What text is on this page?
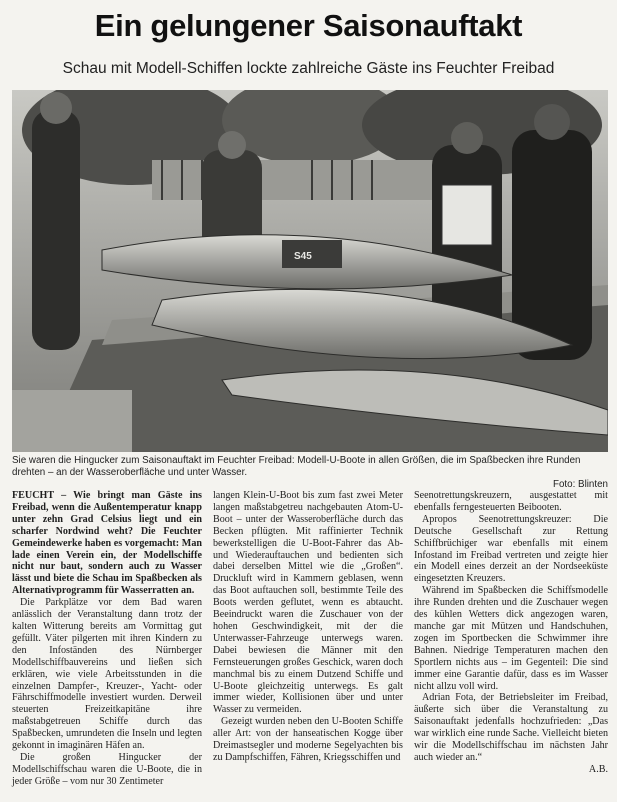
Ein gelungener Saisonauftakt
Schau mit Modell-Schiffen lockte zahlreiche Gäste ins Feuchter Freibad
S45
Sie waren die Hingucker zum Saisonauftakt im Feuchter Freibad: Modell-U-Boote in allen Größen, die im Spaßbecken ihre Runden drehten – an der Wasseroberfläche und unter Wasser.
Foto: Blinten

FEUCHT – Wie bringt man Gäste ins Freibad, wenn die Außentemperatur knapp unter zehn Grad Celsius liegt und ein scharfer Nordwind weht? Die Feuchter Gemeindewerke haben es vorgemacht: Man lade einen Verein ein, der Modellschiffe nicht nur baut, sondern auch zu Wasser lässt und biete die Schau im Spaßbecken als Alternativprogramm für Wasserratten an.

Die Parkplätze vor dem Bad waren anlässlich der Veranstaltung dann trotz der kalten Witterung bereits am Vormittag gut gefüllt. Väter pilgerten mit ihren Kindern zu den Infoständen des Nürnberger Modellschiffbauvereins und ließen sich erklären, wie viele Arbeitsstunden in die einzelnen Dampfer-, Kreuzer-, Yacht- oder Fährschiffmodelle investiert wurden. Derweil steuerten Freizeitkapitäne ihre maßstabgetreuen Schiffe durch das Spaßbecken, umrundeten die Inseln und legten gekonnt in imaginären Häfen an.

Die großen Hingucker der Modellschiffschau waren die U-Boote, die in jeder Größe – vom nur 30 Zentimeter

langen Klein-U-Boot bis zum fast zwei Meter langen maßstabgetreu nachgebauten Atom-U-Boot – unter der Wasseroberfläche durch das Becken pflügten. Mit raffinierter Technik bewerkstelligen die U-Boot-Fahrer das Ab- und Wiederauftauchen und bedienten sich dabei derselben Mittel wie die „Großen“. Druckluft wird in Kammern geblasen, wenn das Boot auftauchen soll, bestimmte Teile des Boots werden geflutet, wenn es abtaucht. Beeindruckt waren die Zuschauer von der hohen Geschwindigkeit, mit der die Unterwasser-Fahrzeuge unterwegs waren. Dabei bewiesen die Männer mit den Fernsteuerungen großes Geschick, waren doch manchmal bis zu einem Dutzend Schiffe und U-Boote gleichzeitig unterwegs. Es galt immer wieder, Kollisionen über und unter Wasser zu vermeiden.

Gezeigt wurden neben den U-Booten Schiffe aller Art: von der hanseatischen Kogge über Dreimastsegler und moderne Segelyachten bis zu Dampfschiffen, Fähren, Kriegsschiffen und

Seenotrettungskreuzern, ausgestattet mit ebenfalls ferngesteuerten Beibooten.

Apropos Seenotrettungskreuzer: Die Deutsche Gesellschaft zur Rettung Schiffbrüchiger war ebenfalls mit einem Infostand im Freibad vertreten und zeigte hier ein Modell eines derzeit an der Nordseeküste eingesetzten Kreuzers.

Während im Spaßbecken die Schiffsmodelle ihre Runden drehten und die Zuschauer wegen des kühlen Wetters dick angezogen waren, manche gar mit Mützen und Handschuhen, zogen im Sportbecken die Schwimmer ihre Bahnen. Niedrige Temperaturen machen den Sportlern nichts aus – im Gegenteil: Die sind immer eine Garantie dafür, dass es im Wasser nicht allzu voll wird.

Adrian Fota, der Betriebsleiter im Freibad, äußerte sich über die Veranstaltung zu Saisonauftakt jedenfalls hochzufrieden: „Das war wirklich eine runde Sache. Vielleicht bieten wir die Modellschiffschau im nächsten Jahr auch wieder an.“

A.B.
